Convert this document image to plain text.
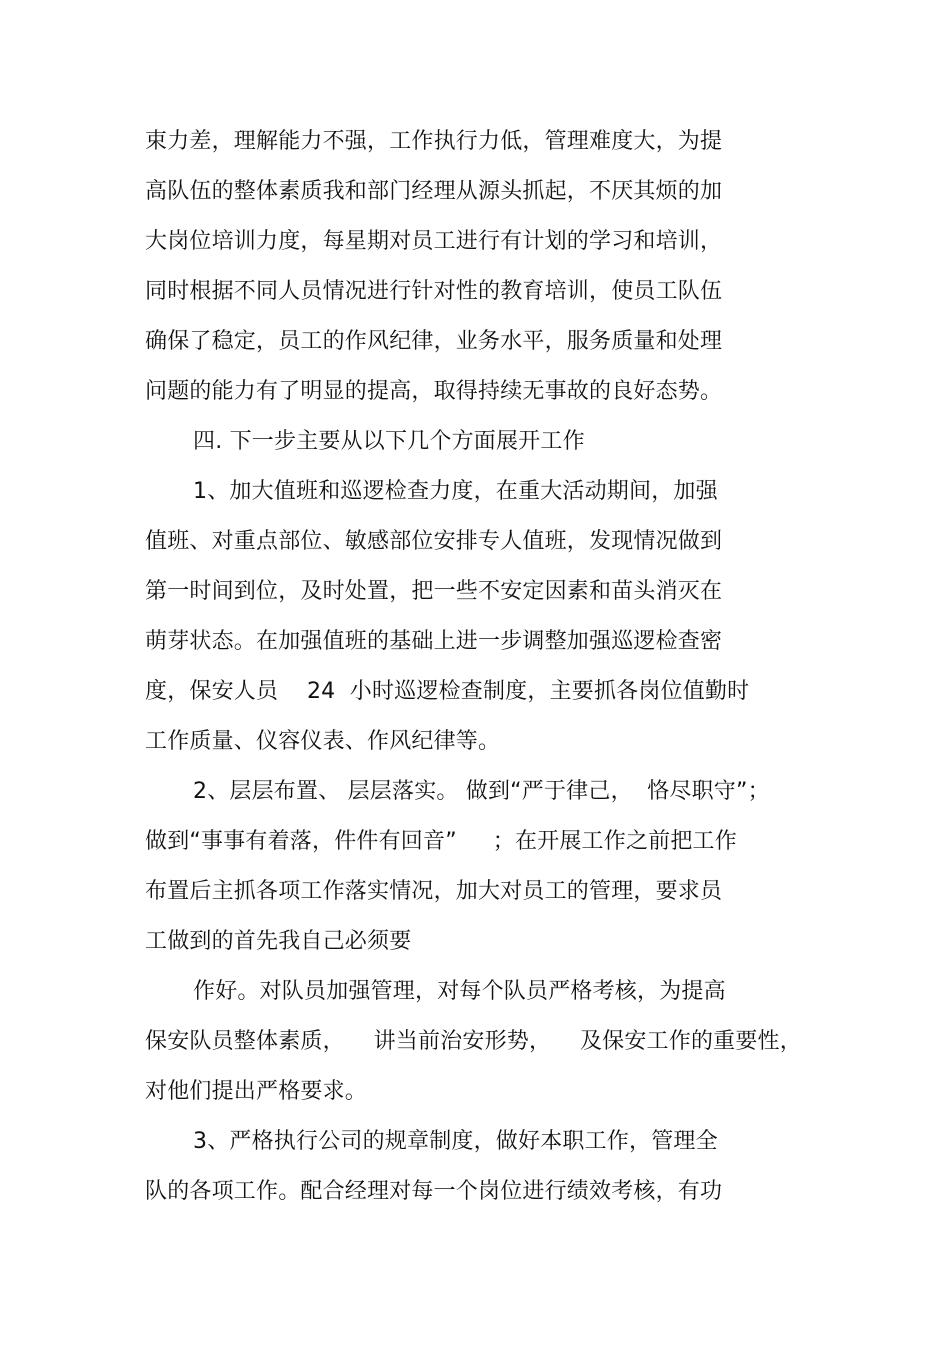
束力差，理解能力不强，工作执行力低，管理难度大，为提
高队伍的整体素质我和部门经理从源头抓起，不厌其烦的加
大岗位培训力度，每星期对员工进行有计划的学习和培训，
同时根据不同人员情况进行针对性的教育培训，使员工队伍
确保了稳定，员工的作风纪律，业务水平，服务质量和处理
问题的能力有了明显的提高，取得持续无事故的良好态势。
四. 下一步主要从以下几个方面展开工作
1、加大值班和巡逻检查力度，在重大活动期间，加强
值班、对重点部位、敏感部位安排专人值班，发现情况做到
第一时间到位，及时处置，把一些不安定因素和苗头消灭在
萌芽状态。在加强值班的基础上进一步调整加强巡逻检查密
度，保安人员    24  小时巡逻检查制度，主要抓各岗位值勤时
工作质量、仪容仪表、作风纪律等。
2、层层布置、 层层落实。 做到“严于律己，  恪尽职守”；
做到“事事有着落，件件有回音”     ；在开展工作之前把工作
布置后主抓各项工作落实情况，加大对员工的管理，要求员
工做到的首先我自己必须要
作好。对队员加强管理，对每个队员严格考核，为提高
保安队员整体素质，    讲当前治安形势，    及保安工作的重要性，
对他们提出严格要求。
3、严格执行公司的规章制度，做好本职工作，管理全
队的各项工作。配合经理对每一个岗位进行绩效考核，有功
